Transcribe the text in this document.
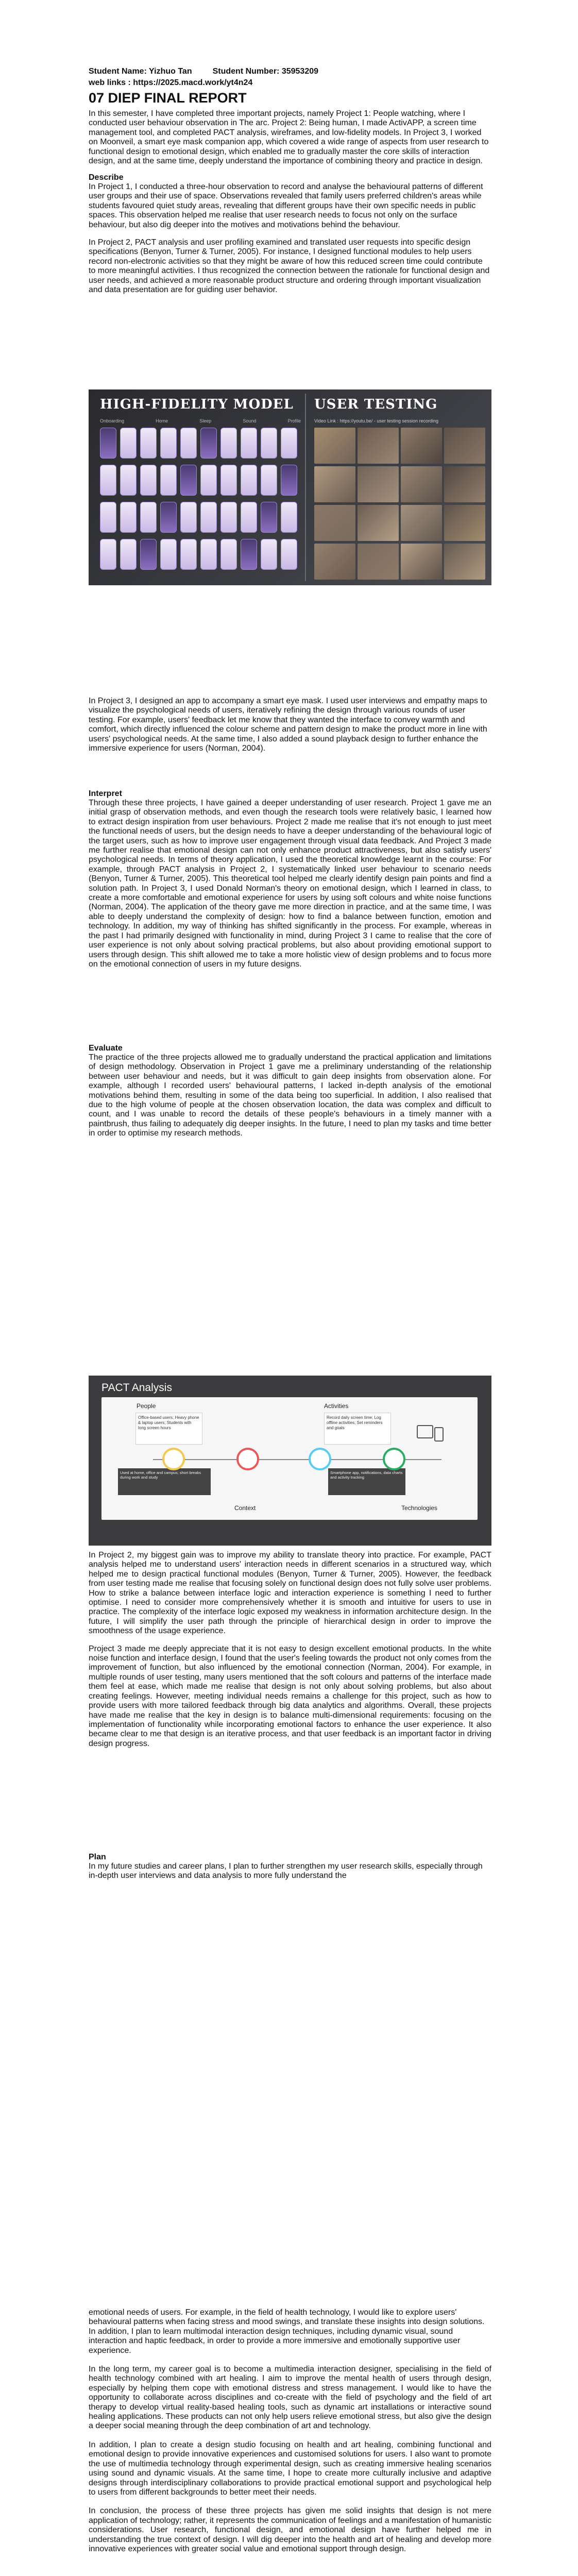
Student Name: Yizhuo Tan	Student Number: 35953209
web links : https://2025.macd.work/yt4n24
07 DIEP FINAL REPORT

In this semester, I have completed three important projects, namely Project 1: People watching, where I conducted user behaviour observation in The arc. Project 2: Being human, I made ActivAPP, a screen time management tool, and completed PACT analysis, wireframes, and low-fidelity models. In Project 3, I worked on Moonveil, a smart eye mask companion app, which covered a wide range of aspects from user research to functional design to emotional design, which enabled me to gradually master the core skills of interaction design, and at the same time, deeply understand the importance of combining theory and practice in design.

Describe

In Project 1, I conducted a three-hour observation to record and analyse the behavioural patterns of different user groups and their use of space. Observations revealed that family users preferred children's areas while students favoured quiet study areas, revealing that different groups have their own specific needs in public spaces. This observation helped me realise that user research needs to focus not only on the surface behaviour, but also dig deeper into the motives and motivations behind the behaviour.

In Project 2, PACT analysis and user profiling examined and translated user requests into specific design specifications (Benyon, Turner & Turner, 2005). For instance, I designed functional modules to help users record non-electronic activities so that they might be aware of how this reduced screen time could contribute to more meaningful activities. I thus recognized the connection between the rationale for functional design and user needs, and achieved a more reasonable product structure and ordering through important visualization and data presentation are for guiding user behavior.

HIGH-FIDELITY MODEL USER TESTING
Onboarding	Home	Sleep	Sound	Profile	Video Link : https://youtu.be/ - user testing session recording

In Project 3, I designed an app to accompany a smart eye mask. I used user interviews and empathy maps to visualize the psychological needs of users, iteratively refining the design through various rounds of user testing. For example, users' feedback let me know that they wanted the interface to convey warmth and comfort, which directly influenced the colour scheme and pattern design to make the product more in line with users' psychological needs. At the same time, I also added a sound playback design to further enhance the immersive experience for users (Norman, 2004).

Interpret

Through these three projects, I have gained a deeper understanding of user research. Project 1 gave me an initial grasp of observation methods, and even though the research tools were relatively basic, I learned how to extract design inspiration from user behaviours. Project 2 made me realise that it's not enough to just meet the functional needs of users, but the design needs to have a deeper understanding of the behavioural logic of the target users, such as how to improve user engagement through visual data feedback. And Project 3 made me further realise that emotional design can not only enhance product attractiveness, but also satisfy users' psychological needs. In terms of theory application, I used the theoretical knowledge learnt in the course: For example, through PACT analysis in Project 2, I systematically linked user behaviour to scenario needs (Benyon, Turner & Turner, 2005). This theoretical tool helped me clearly identify design pain points and find a solution path. In Project 3, I used Donald Norman's theory on emotional design, which I learned in class, to create a more comfortable and emotional experience for users by using soft colours and white noise functions (Norman, 2004). The application of the theory gave me more direction in practice, and at the same time, I was able to deeply understand the complexity of design: how to find a balance between function, emotion and technology. In addition, my way of thinking has shifted significantly in the process. For example, whereas in the past I had primarily designed with functionality in mind, during Project 3 I came to realise that the core of user experience is not only about solving practical problems, but also about providing emotional support to users through design. This shift allowed me to take a more holistic view of design problems and to focus more on the emotional connection of users in my future designs.

Evaluate

The practice of the three projects allowed me to gradually understand the practical application and limitations of design methodology. Observation in Project 1 gave me a preliminary understanding of the relationship between user behaviour and needs, but it was difficult to gain deep insights from observation alone. For example, although I recorded users' behavioural patterns, I lacked in-depth analysis of the emotional motivations behind them, resulting in some of the data being too superficial. In addition, I also realised that due to the high volume of people at the chosen observation location, the data was complex and difficult to count, and I was unable to record the details of these people's behaviours in a timely manner with a paintbrush, thus failing to adequately dig deeper insights. In the future, I need to plan my tasks and time better in order to optimise my research methods.

PACT Analysis
People	Activities
Context	Technologies
Office-based users; Heavy phone & laptop users; Students with long screen hours
Record daily screen time; Log offline activities; Set reminders and goals
Used at home, office and campus; short breaks during work and study
Smartphone app, notifications, data charts and activity tracking

In Project 2, my biggest gain was to improve my ability to translate theory into practice. For example, PACT analysis helped me to understand users' interaction needs in different scenarios in a structured way, which helped me to design practical functional modules (Benyon, Turner & Turner, 2005). However, the feedback from user testing made me realise that focusing solely on functional design does not fully solve user problems. How to strike a balance between interface logic and interaction experience is something I need to further optimise. I need to consider more comprehensively whether it is smooth and intuitive for users to use in practice. The complexity of the interface logic exposed my weakness in information architecture design. In the future, I will simplify the user path through the principle of hierarchical design in order to improve the smoothness of the usage experience.

Project 3 made me deeply appreciate that it is not easy to design excellent emotional products. In the white noise function and interface design, I found that the user's feeling towards the product not only comes from the improvement of function, but also influenced by the emotional connection (Norman, 2004). For example, in multiple rounds of user testing, many users mentioned that the soft colours and patterns of the interface made them feel at ease, which made me realise that design is not only about solving problems, but also about creating feelings. However, meeting individual needs remains a challenge for this project, such as how to provide users with more tailored feedback through big data analytics and algorithms. Overall, these projects have made me realise that the key in design is to balance multi-dimensional requirements: focusing on the implementation of functionality while incorporating emotional factors to enhance the user experience. It also became clear to me that design is an iterative process, and that user feedback is an important factor in driving design progress.

Plan

In my future studies and career plans, I plan to further strengthen my user research skills, especially through in-depth user interviews and data analysis to more fully understand the

emotional needs of users. For example, in the field of health technology, I would like to explore users' behavioural patterns when facing stress and mood swings, and translate these insights into design solutions. In addition, I plan to learn multimodal interaction design techniques, including dynamic visual, sound interaction and haptic feedback, in order to provide a more immersive and emotionally supportive user experience.

In the long term, my career goal is to become a multimedia interaction designer, specialising in the field of health technology combined with art healing. I aim to improve the mental health of users through design, especially by helping them cope with emotional distress and stress management. I would like to have the opportunity to collaborate across disciplines and co-create with the field of psychology and the field of art therapy to develop virtual reality-based healing tools, such as dynamic art installations or interactive sound healing applications. These products can not only help users relieve emotional stress, but also give the design a deeper social meaning through the deep combination of art and technology.

In addition, I plan to create a design studio focusing on health and art healing, combining functional and emotional design to provide innovative experiences and customised solutions for users. I also want to promote the use of multimedia technology through experimental design, such as creating immersive healing scenarios using sound and dynamic visuals. At the same time, I hope to create more culturally inclusive and adaptive designs through interdisciplinary collaborations to provide practical emotional support and psychological help to users from different backgrounds to better meet their needs.

In conclusion, the process of these three projects has given me solid insights that design is not mere application of technology; rather, it represents the communication of feelings and a manifestation of humanistic considerations. User research, functional design, and emotional design have further helped me in understanding the true context of design. I will dig deeper into the health and art of healing and develop more innovative experiences with greater social value and emotional support through design.
